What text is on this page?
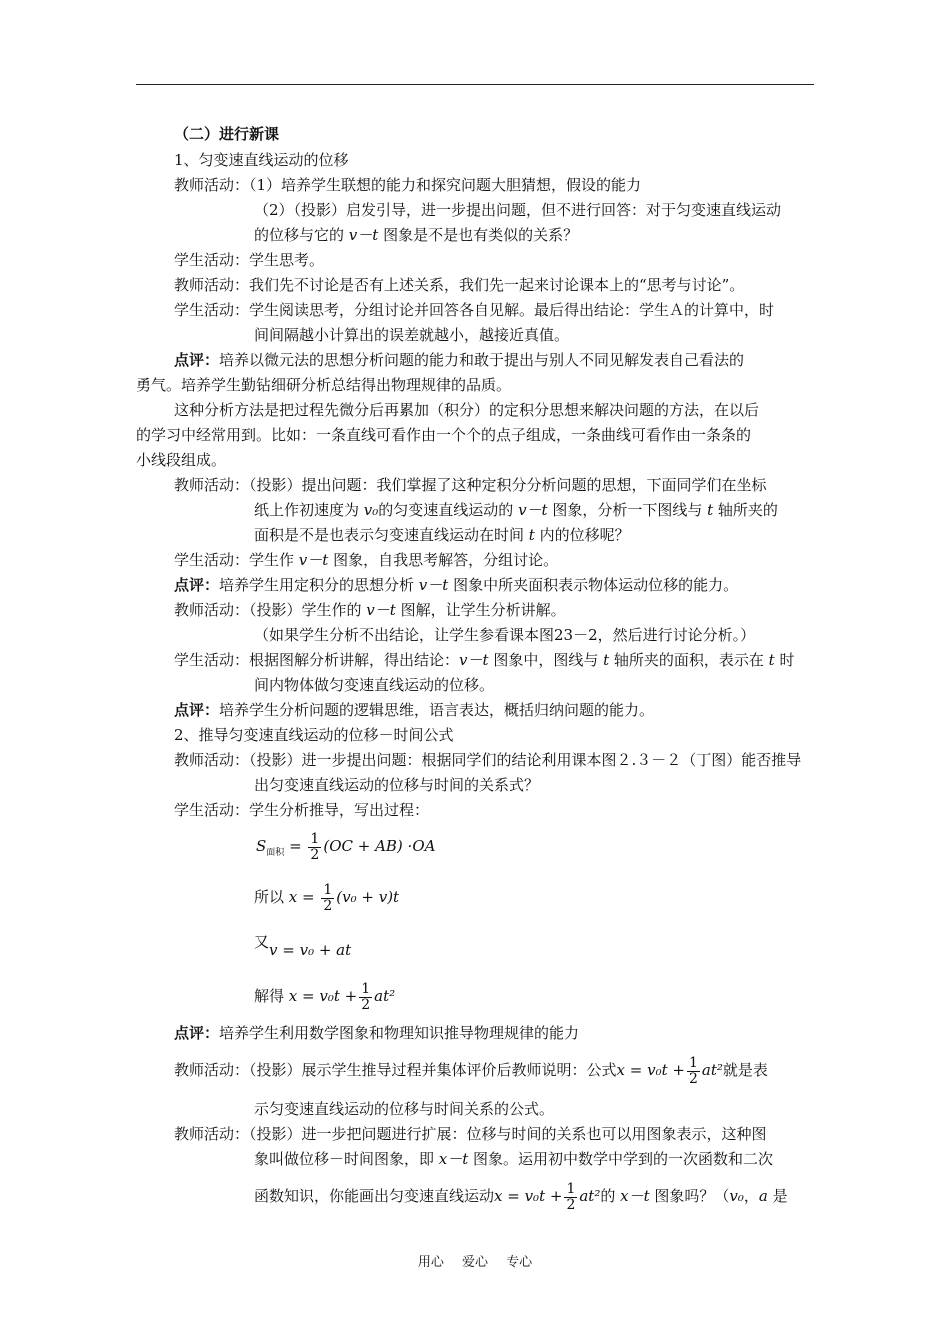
（二）进行新课
1、匀变速直线运动的位移
教师活动：（1）培养学生联想的能力和探究问题大胆猜想，假设的能力
（2）（投影）启发引导，进一步提出问题，但不进行回答：对于匀变速直线运动
的位移与它的 v－t 图象是不是也有类似的关系？
学生活动：学生思考。
教师活动：我们先不讨论是否有上述关系，我们先一起来讨论课本上的“思考与讨论”。
学生活动：学生阅读思考，分组讨论并回答各自见解。最后得出结论：学生Ａ的计算中，时
间间隔越小计算出的误差就越小，越接近真值。
点评：培养以微元法的思想分析问题的能力和敢于提出与别人不同见解发表自己看法的
勇气。培养学生勤钻细研分析总结得出物理规律的品质。
这种分析方法是把过程先微分后再累加（积分）的定积分思想来解决问题的方法，在以后
的学习中经常用到。比如：一条直线可看作由一个个的点子组成，一条曲线可看作由一条条的
小线段组成。
教师活动：（投影）提出问题：我们掌握了这种定积分分析问题的思想，下面同学们在坐标
纸上作初速度为 v₀的匀变速直线运动的 v－t 图象，分析一下图线与 t 轴所夹的
面积是不是也表示匀变速直线运动在时间 t 内的位移呢？
学生活动：学生作 v－t 图象，自我思考解答，分组讨论。
点评：培养学生用定积分的思想分析 v－t 图象中所夹面积表示物体运动位移的能力。
教师活动：（投影）学生作的 v－t 图解，让学生分析讲解。
（如果学生分析不出结论，让学生参看课本图23－2，然后进行讨论分析。）
学生活动：根据图解分析讲解，得出结论：v－t 图象中，图线与 t 轴所夹的面积，表示在 t 时
间内物体做匀变速直线运动的位移。
点评：培养学生分析问题的逻辑思维，语言表达，概括归纳问题的能力。
2、推导匀变速直线运动的位移－时间公式
教师活动：（投影）进一步提出问题：根据同学们的结论利用课本图２.３－２（丁图）能否推导
出匀变速直线运动的位移与时间的关系式？
学生活动：学生分析推导，写出过程：
$S_{面积} = \frac{1}{2} (OC + AB) \cdot OA$
所以 $x = \frac{1}{2} (v_0 + v)t$
又v = v₀ + at
解得 $x = v_0t + \frac{1}{2} at^2$
点评：培养学生利用数学图象和物理知识推导物理规律的能力
教师活动：（投影）展示学生推导过程并集体评价后教师说明：公式$x = v_0t + \frac{1}{2} at^2$就是表
示匀变速直线运动的位移与时间关系的公式。
教师活动：（投影）进一步把问题进行扩展：位移与时间的关系也可以用图象表示，这种图
象叫做位移－时间图象，即 x－t 图象。运用初中数学中学到的一次函数和二次
函数知识，你能画出匀变速直线运动$x = v_0t + \frac{1}{2} at^2$的 x－t 图象吗？（v₀，a 是
用心 爱心 专心
